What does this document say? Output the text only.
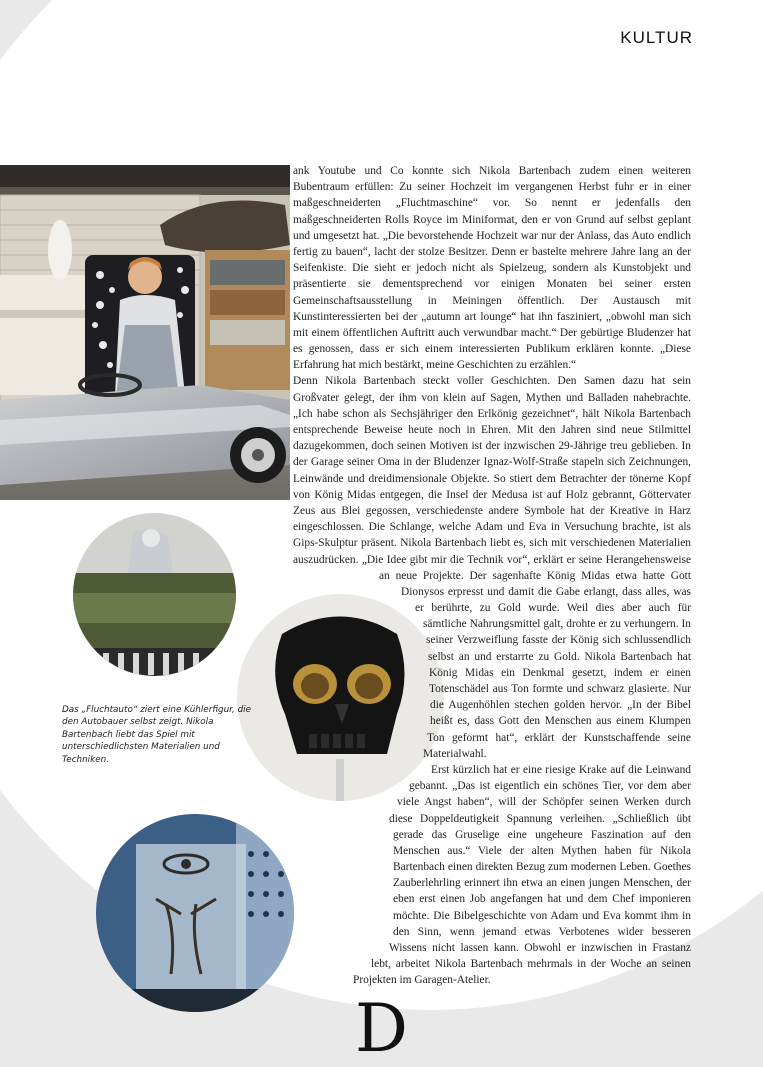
KULTUR

Das „Fluchtauto“ ziert eine Kühlerfigur, die den Autobauer selbst zeigt. Nikola Bartenbach liebt das Spiel mit unterschiedlichsten Materialien und Techniken.

D

ank Youtube und Co konnte sich Nikola Bartenbach zudem einen weiteren Bubentraum erfüllen: Zu seiner Hochzeit im vergangenen Herbst fuhr er in einer maßgeschneiderten „Fluchtmaschine“ vor. So nennt er jedenfalls den maßgeschneiderten Rolls Royce im Miniformat, den er von Grund auf selbst geplant und umgesetzt hat. „Die bevorstehende Hochzeit war nur der Anlass, das Auto endlich fertig zu bauen“, lacht der stolze Besitzer. Denn er bastelte mehrere Jahre lang an der Seifenkiste. Die sieht er jedoch nicht als Spielzeug, sondern als Kunstobjekt und präsentierte sie dementsprechend vor einigen Monaten bei seiner ersten Gemeinschaftsausstellung in Meiningen öffentlich. Der Austausch mit Kunstinteressierten bei der „autumn art lounge“ hat ihn fasziniert, „obwohl man sich mit einem öffentlichen Auftritt auch verwundbar macht.“ Der gebürtige Bludenzer hat es genossen, dass er sich einem interessierten Publikum erklären konnte. „Diese Erfahrung hat mich bestärkt, meine Geschichten zu erzählen.“

Denn Nikola Bartenbach steckt voller Geschichten. Den Samen dazu hat sein Großvater gelegt, der ihm von klein auf Sagen, Mythen und Balladen nahebrachte. „Ich habe schon als Sechsjähriger den Erlkönig gezeichnet“, hält Nikola Bartenbach entsprechende Beweise heute noch in Ehren. Mit den Jahren sind neue Stilmittel dazugekommen, doch seinen Motiven ist der inzwischen 29-Jährige treu geblieben. In der Garage seiner Oma in der Bludenzer Ignaz-Wolf-Straße stapeln sich Zeichnungen, Leinwände und dreidimensionale Objekte. So stiert dem Betrachter der tönerne Kopf von König Midas entgegen, die Insel der Medusa ist auf Holz gebrannt, Göttervater Zeus aus Blei gegossen, verschiedenste andere Symbole hat der Kreative in Harz eingeschlossen. Die Schlange, welche Adam und Eva in Versuchung brachte, ist als Gips-Skulptur präsent. Nikola Bartenbach liebt es, sich mit verschiedenen Materialien auszudrücken. „Die Idee gibt mir die Technik vor“, erklärt er seine Herangehensweise an neue Projekte. Der sagenhafte König Midas etwa hatte Gott Dionysos erpresst und damit die Gabe erlangt, dass alles, was er berührte, zu Gold wurde. Weil dies aber auch für sämtliche Nahrungsmittel galt, drohte er zu verhungern. In seiner Verzweiflung fasste der König sich schlussendlich selbst an und erstarrte zu Gold. Nikola Bartenbach hat König Midas ein Denkmal gesetzt, indem er einen Totenschädel aus Ton formte und schwarz glasierte. Nur die Augenhöhlen stechen golden hervor. „In der Bibel heißt es, dass Gott den Menschen aus einem Klumpen Ton geformt hat“, erklärt der Kunstschaffende seine Materialwahl.

Erst kürzlich hat er eine riesige Krake auf die Leinwand gebannt. „Das ist eigentlich ein schönes Tier, vor dem aber viele Angst haben“, will der Schöpfer seinen Werken durch diese Doppeldeutigkeit Spannung verleihen. „Schließlich übt gerade das Gruselige eine ungeheure Faszination auf den Menschen aus.“ Viele der alten Mythen haben für Nikola Bartenbach einen direkten Bezug zum modernen Leben. Goethes Zauberlehrling erinnert ihn etwa an einen jungen Menschen, der eben erst einen Job angefangen hat und dem Chef imponieren möchte. Die Bibelgeschichte von Adam und Eva kommt ihm in den Sinn, wenn jemand etwas Verbotenes wider besseren Wissens nicht lassen kann. Obwohl er inzwischen in Frastanz lebt, arbeitet Nikola Bartenbach mehrmals in der Woche an seinen Projekten im Garagen-Atelier.
